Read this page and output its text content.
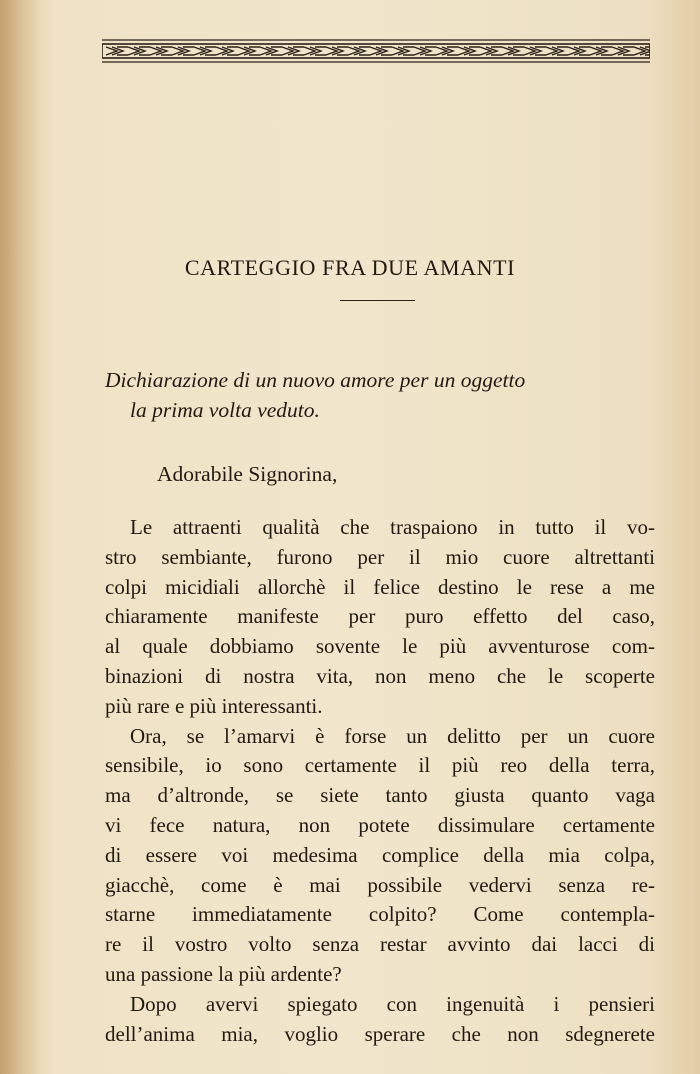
CARTEGGIO FRA DUE AMANTI
Dichiarazione di un nuovo amore per un oggetto
la prima volta veduto.
Adorabile Signorina,

Le attraenti qualità che traspaiono in tutto il vo-
stro sembiante, furono per il mio cuore altrettanti
colpi micidiali allorchè il felice destino le rese a me
chiaramente manifeste per puro effetto del caso,
al quale dobbiamo sovente le più avventurose com-
binazioni di nostra vita, non meno che le scoperte
più rare e più interessanti.

Ora, se l’amarvi è forse un delitto per un cuore
sensibile, io sono certamente il più reo della terra,
ma d’altronde, se siete tanto giusta quanto vaga
vi fece natura, non potete dissimulare certamente
di essere voi medesima complice della mia colpa,
giacchè, come è mai possibile vedervi senza re-
starne immediatamente colpito? Come contempla-
re il vostro volto senza restar avvinto dai lacci di
una passione la più ardente?

Dopo avervi spiegato con ingenuità i pensieri
dell’anima mia, voglio sperare che non sdegnerete
